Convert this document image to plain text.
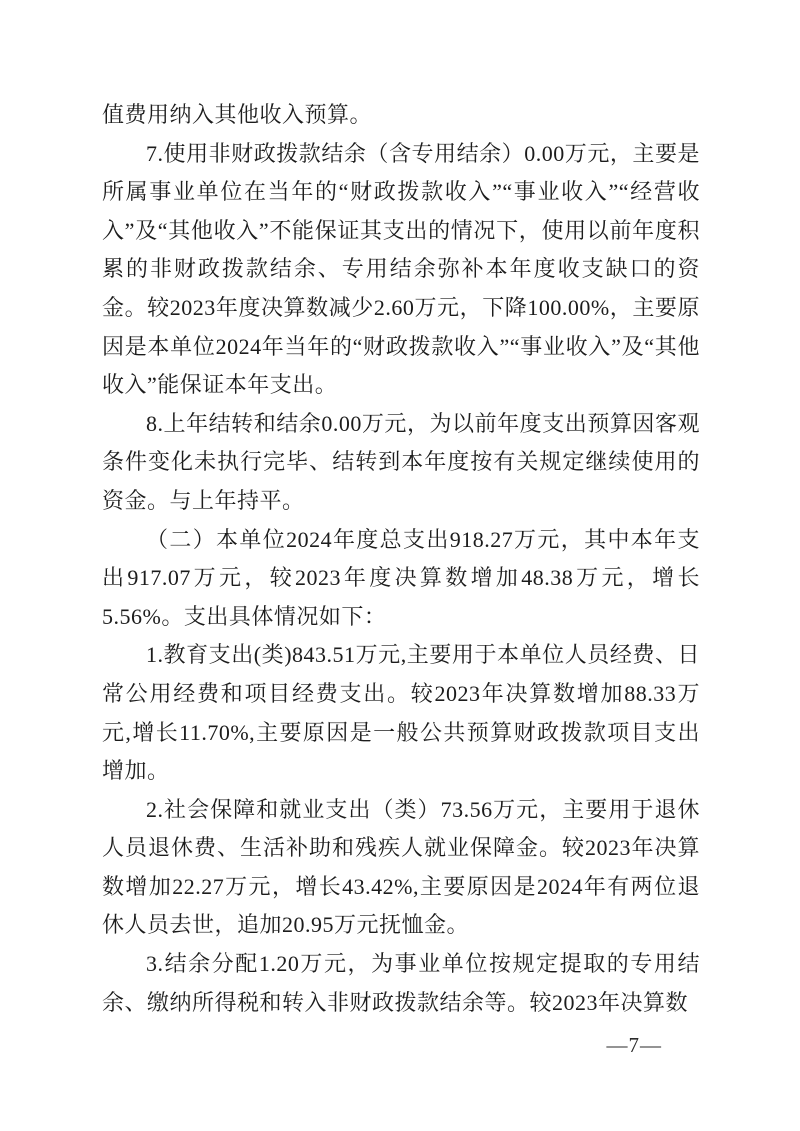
值费用纳入其他收入预算。

7.使用非财政拨款结余（含专用结余）0.00万元，主要是所属事业单位在当年的“财政拨款收入”“事业收入”“经营收入”及“其他收入”不能保证其支出的情况下，使用以前年度积累的非财政拨款结余、专用结余弥补本年度收支缺口的资金。较2023年度决算数减少2.60万元，下降100.00%，主要原因是本单位2024年当年的“财政拨款收入”“事业收入”及“其他收入”能保证本年支出。

8.上年结转和结余0.00万元，为以前年度支出预算因客观条件变化未执行完毕、结转到本年度按有关规定继续使用的资金。与上年持平。

（二）本单位2024年度总支出918.27万元，其中本年支出917.07万元，较2023年度决算数增加48.38万元，增长5.56%。支出具体情况如下：

1.教育支出(类)843.51万元,主要用于本单位人员经费、日常公用经费和项目经费支出。较2023年决算数增加88.33万元,增长11.70%,主要原因是一般公共预算财政拨款项目支出增加。

2.社会保障和就业支出（类）73.56万元，主要用于退休人员退休费、生活补助和残疾人就业保障金。较2023年决算数增加22.27万元，增长43.42%,主要原因是2024年有两位退休人员去世，追加20.95万元抚恤金。

3.结余分配1.20万元，为事业单位按规定提取的专用结余、缴纳所得税和转入非财政拨款结余等。较2023年决算数

—7—
